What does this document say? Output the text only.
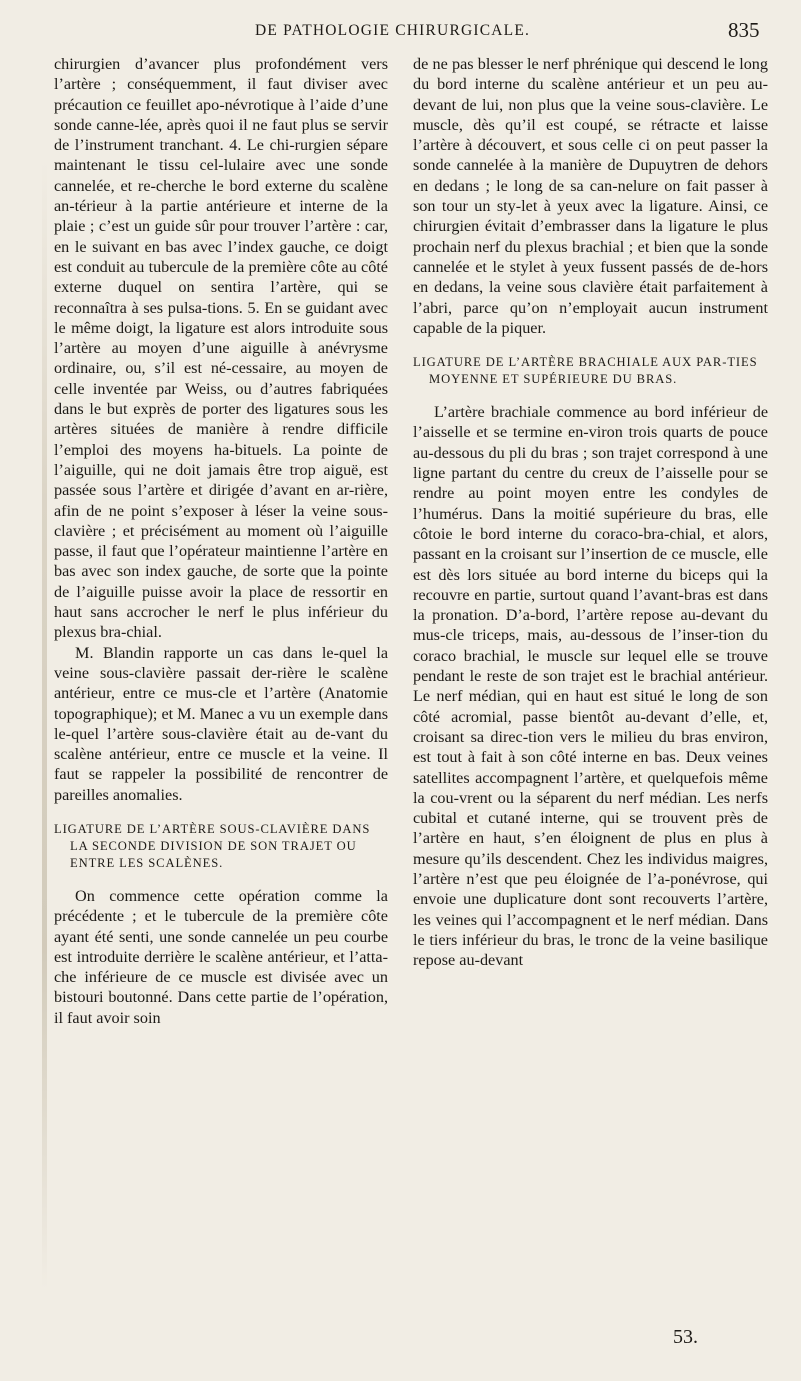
DE PATHOLOGIE CHIRURGICALE.	835

chirurgien d’avancer plus profondément vers l’artère ; conséquemment, il faut diviser avec précaution ce feuillet apo-névrotique à l’aide d’une sonde canne-lée, après quoi il ne faut plus se servir de l’instrument tranchant. 4. Le chi-rurgien sépare maintenant le tissu cel-lulaire avec une sonde cannelée, et re-cherche le bord externe du scalène an-térieur à la partie antérieure et interne de la plaie ; c’est un guide sûr pour trouver l’artère : car, en le suivant en bas avec l’index gauche, ce doigt est conduit au tubercule de la première côte au côté externe duquel on sentira l’artère, qui se reconnaîtra à ses pulsa-tions. 5. En se guidant avec le même doigt, la ligature est alors introduite sous l’artère au moyen d’une aiguille à anévrysme ordinaire, ou, s’il est né-cessaire, au moyen de celle inventée par Weiss, ou d’autres fabriquées dans le but exprès de porter des ligatures sous les artères situées de manière à rendre difficile l’emploi des moyens ha-bituels. La pointe de l’aiguille, qui ne doit jamais être trop aiguë, est passée sous l’artère et dirigée d’avant en ar-rière, afin de ne point s’exposer à léser la veine sous-clavière ; et précisément au moment où l’aiguille passe, il faut que l’opérateur maintienne l’artère en bas avec son index gauche, de sorte que la pointe de l’aiguille puisse avoir la place de ressortir en haut sans accrocher le nerf le plus inférieur du plexus bra-chial.

M. Blandin rapporte un cas dans le-quel la veine sous-clavière passait der-rière le scalène antérieur, entre ce mus-cle et l’artère (Anatomie topographique); et M. Manec a vu un exemple dans le-quel l’artère sous-clavière était au de-vant du scalène antérieur, entre ce muscle et la veine. Il faut se rappeler la possibilité de rencontrer de pareilles anomalies.

LIGATURE DE L’ARTÈRE SOUS-CLAVIÈRE DANS LA SECONDE DIVISION DE SON TRAJET OU ENTRE LES SCALÈNES.

On commence cette opération comme la précédente ; et le tubercule de la première côte ayant été senti, une sonde cannelée un peu courbe est introduite derrière le scalène antérieur, et l’atta-che inférieure de ce muscle est divisée avec un bistouri boutonné. Dans cette partie de l’opération, il faut avoir soin

de ne pas blesser le nerf phrénique qui descend le long du bord interne du scalène antérieur et un peu au-devant de lui, non plus que la veine sous-clavière. Le muscle, dès qu’il est coupé, se rétracte et laisse l’artère à découvert, et sous celle ci on peut passer la sonde cannelée à la manière de Dupuytren de dehors en dedans ; le long de sa can-nelure on fait passer à son tour un sty-let à yeux avec la ligature. Ainsi, ce chirurgien évitait d’embrasser dans la ligature le plus prochain nerf du plexus brachial ; et bien que la sonde cannelée et le stylet à yeux fussent passés de de-hors en dedans, la veine sous clavière était parfaitement à l’abri, parce qu’on n’employait aucun instrument capable de la piquer.

LIGATURE DE L’ARTÈRE BRACHIALE AUX PAR-TIES MOYENNE ET SUPÉRIEURE DU BRAS.

L’artère brachiale commence au bord inférieur de l’aisselle et se termine en-viron trois quarts de pouce au-dessous du pli du bras ; son trajet correspond à une ligne partant du centre du creux de l’aisselle pour se rendre au point moyen entre les condyles de l’humérus. Dans la moitié supérieure du bras, elle côtoie le bord interne du coraco-bra-chial, et alors, passant en la croisant sur l’insertion de ce muscle, elle est dès lors située au bord interne du biceps qui la recouvre en partie, surtout quand l’avant-bras est dans la pronation. D’a-bord, l’artère repose au-devant du mus-cle triceps, mais, au-dessous de l’inser-tion du coraco brachial, le muscle sur lequel elle se trouve pendant le reste de son trajet est le brachial antérieur. Le nerf médian, qui en haut est situé le long de son côté acromial, passe bientôt au-devant d’elle, et, croisant sa direc-tion vers le milieu du bras environ, est tout à fait à son côté interne en bas. Deux veines satellites accompagnent l’artère, et quelquefois même la cou-vrent ou la séparent du nerf médian. Les nerfs cubital et cutané interne, qui se trouvent près de l’artère en haut, s’en éloignent de plus en plus à mesure qu’ils descendent. Chez les individus maigres, l’artère n’est que peu éloignée de l’a-ponévrose, qui envoie une duplicature dont sont recouverts l’artère, les veines qui l’accompagnent et le nerf médian. Dans le tiers inférieur du bras, le tronc de la veine basilique repose au-devant

53.
